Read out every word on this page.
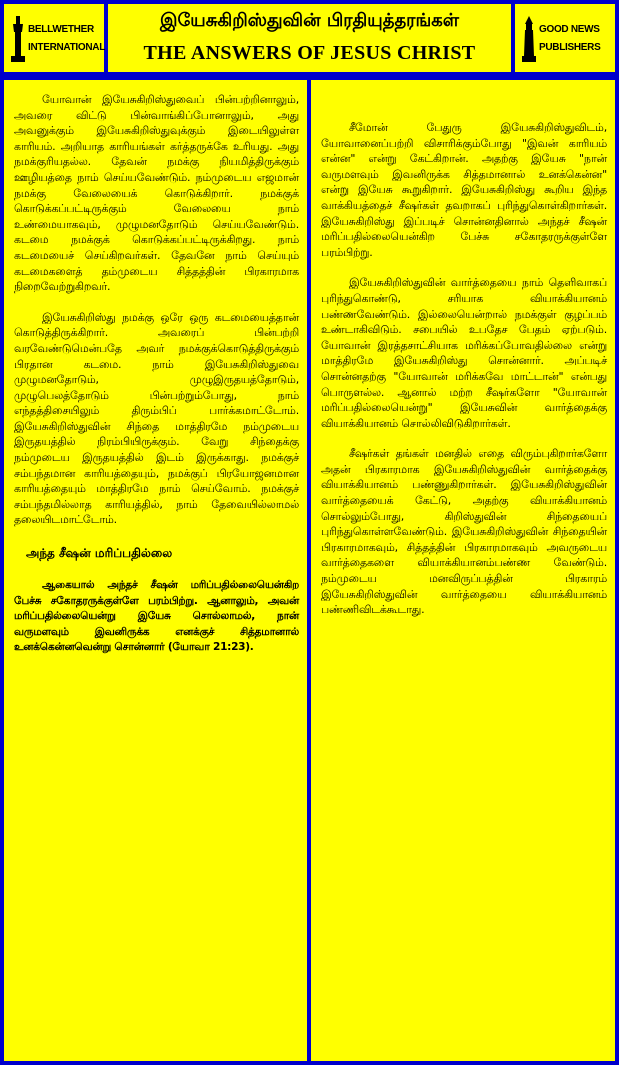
BELLWETHER
INTERNATIONAL
இயேசுகிறிஸ்துவின் பிரதியுத்தரங்கள்
THE ANSWERS OF JESUS CHRIST
GOOD NEWS
PUBLISHERS

யோவான் இயேசுகிறிஸ்துவைப் பின்பற்றினாலும், அவரை விட்டு பின்வாங்கிப்போனாலும், அது அவனுக்கும் இயேசுகிறிஸ்துவுக்கும் இடையிலுள்ள காரியம். அறியாத காரியங்கள் கர்த்தருக்கே உரியது. அது நமக்குரியதல்ல. தேவன் நமக்கு நியமித்திருக்கும் ஊழியத்தை நாம் செய்யவேண்டும். நம்முடைய எஜமான் நமக்கு வேலையைக் கொடுக்கிறார். நமக்குக் கொடுக்கப்பட்டிருக்கும் வேலையை நாம் உண்மையாகவும், முழுமனதோடும் செய்யவேண்டும். கடமை நமக்குக் கொடுக்கப்பட்டிருக்கிறது. நாம் கடமையைச் செய்கிறவர்கள். தேவனே நாம் செய்யும் கடமைகளைத் தம்முடைய சித்தத்தின் பிரகாரமாக நிறைவேற்றுகிறவர்.

இயேசுகிறிஸ்து நமக்கு ஒரே ஒரு கடமையைத்தான் கொடுத்திருக்கிறார். அவரைப் பின்பற்றி வரவேண்டுமென்பதே அவர் நமக்குக்கொடுத்திருக்கும் பிரதான கடமை. நாம் இயேசுகிறிஸ்துவை முழுமனதோடும், முழுஇருதயத்தோடும், முழுபெலத்தோடும் பின்பற்றும்போது, நாம் எந்தத்திசையிலும் திரும்பிப் பார்க்கமாட்டோம். இயேசுகிறிஸ்துவின் சிந்தை மாத்திரமே நம்முடைய இருதயத்தில் நிரம்பியிருக்கும். வேறு சிந்தைக்கு நம்முடைய இருதயத்தில் இடம் இருக்காது. நமக்குச் சம்பந்தமான காரியத்தையும், நமக்குப் பிரயோஜனமான காரியத்தையும் மாத்திரமே நாம் செய்வோம். நமக்குச் சம்பந்தமில்லாத காரியத்தில், நாம் தேவையில்லாமல் தலையிடமாட்டோம்.

அந்த சீஷன் மரிப்பதில்லை

ஆகையால் அந்தச் சீஷன் மரிப்பதில்லையென்கிற பேச்சு சகோதரருக்குள்ளே பரம்பிற்று. ஆனாலும், அவன் மரிப்பதில்லையென்று இயேசு சொல்லாமல், நான் வருமளவும் இவனிருக்க எனக்குச் சித்தமானால் உனக்கென்னவென்று சொன்னார் (யோவா 21:23).

சீமோன் பேதுரு இயேசுகிறிஸ்துவிடம், யோவானைப்பற்றி விசாரிக்கும்போது "இவன் காரியம் என்ன" என்று கேட்கிறான். அதற்கு இயேசு "நான் வருமளவும் இவனிருக்க சித்தமானால் உனக்கென்ன" என்று இயேசு கூறுகிறார். இயேசுகிறிஸ்து கூறிய இந்த வாக்கியத்தைச் சீஷர்கள் தவறாகப் புரிந்துகொள்கிறார்கள். இயேசுகிறிஸ்து இப்படிச் சொன்னதினால் அந்தச் சீஷன் மரிப்பதில்லையென்கிற பேச்சு சகோதரருக்குள்ளே பரம்பிற்று.

இயேசுகிறிஸ்துவின் வார்த்தையை நாம் தெளிவாகப் புரிந்துகொண்டு, சரியாக வியாக்கியானம் பண்ணவேண்டும். இல்லையென்றால் நமக்குள் குழப்பம் உண்டாகிவிடும். சபையில் உபதேச பேதம் ஏற்படும். யோவான் இரத்தசாட்சியாக மரிக்கப்போவதில்லை என்று மாத்திரமே இயேசுகிறிஸ்து சொன்னார். அப்படிச் சொன்னதற்கு "யோவான் மரிக்கவே மாட்டான்" என்பது பொருளல்ல. ஆனால் மற்ற சீஷர்களோ "யோவான் மரிப்பதில்லையென்று" இயேசுவின் வார்த்தைக்கு வியாக்கியானம் சொல்லிவிடுகிறார்கள்.

சீஷர்கள் தங்கள் மனதில் எதை விரும்புகிறார்களோ அதன் பிரகாரமாக இயேசுகிறிஸ்துவின் வார்த்தைக்கு வியாக்கியானம் பண்ணுகிறார்கள். இயேசுகிறிஸ்துவின் வார்த்தையைக் கேட்டு, அதற்கு வியாக்கியானம் சொல்லும்போது, கிறிஸ்துவின் சிந்தையைப் புரிந்துகொள்ளவேண்டும். இயேசுகிறிஸ்துவின் சிந்தையின் பிரகாரமாகவும், சித்தத்தின் பிரகாரமாகவும் அவருடைய வார்த்தைகளை வியாக்கியானம்பண்ண வேண்டும். நம்முடைய மனவிருப்பத்தின் பிரகாரம் இயேசுகிறிஸ்துவின் வார்த்தையை வியாக்கியானம் பண்ணிவிடக்கூடாது.
